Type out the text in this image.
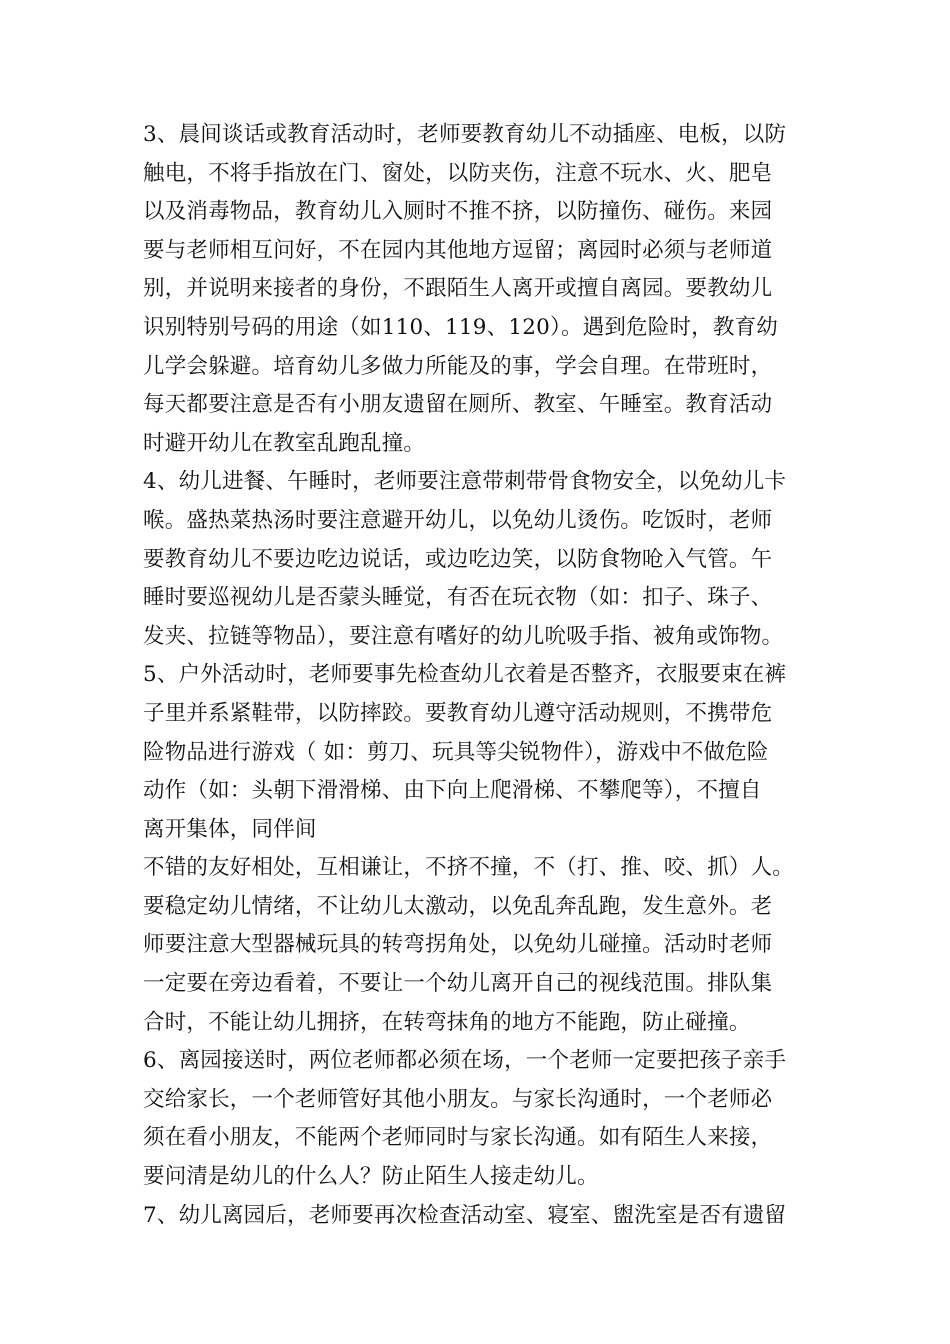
3、晨间谈话或教育活动时，老师要教育幼儿不动插座、电板，以防
触电，不将手指放在门、窗处，以防夹伤，注意不玩水、火、肥皂
以及消毒物品，教育幼儿入厕时不推不挤，以防撞伤、碰伤。来园
要与老师相互问好，不在园内其他地方逗留；离园时必须与老师道
别，并说明来接者的身份，不跟陌生人离开或擅自离园。要教幼儿
识别特别号码的用途（如110、119、120）。遇到危险时，教育幼
儿学会躲避。培育幼儿多做力所能及的事，学会自理。在带班时，
每天都要注意是否有小朋友遗留在厕所、教室、午睡室。教育活动
时避开幼儿在教室乱跑乱撞。
4、幼儿进餐、午睡时，老师要注意带刺带骨食物安全，以免幼儿卡
喉。盛热菜热汤时要注意避开幼儿，以免幼儿烫伤。吃饭时，老师
要教育幼儿不要边吃边说话，或边吃边笑，以防食物呛入气管。午
睡时要巡视幼儿是否蒙头睡觉，有否在玩衣物（如：扣子、珠子、
发夹、拉链等物品），要注意有嗜好的幼儿吮吸手指、被角或饰物。
5、户外活动时，老师要事先检查幼儿衣着是否整齐，衣服要束在裤
子里并系紧鞋带，以防摔跤。要教育幼儿遵守活动规则，不携带危
险物品进行游戏（ 如：剪刀、玩具等尖锐物件），游戏中不做危险
动作（如：头朝下滑滑梯、由下向上爬滑梯、不攀爬等），不擅自
离开集体，同伴间
不错的友好相处，互相谦让，不挤不撞，不（打、推、咬、抓）人。
要稳定幼儿情绪，不让幼儿太激动，以免乱奔乱跑，发生意外。老
师要注意大型器械玩具的转弯拐角处，以免幼儿碰撞。活动时老师
一定要在旁边看着，不要让一个幼儿离开自己的视线范围。排队集
合时，不能让幼儿拥挤，在转弯抹角的地方不能跑，防止碰撞。
6、离园接送时，两位老师都必须在场，一个老师一定要把孩子亲手
交给家长，一个老师管好其他小朋友。与家长沟通时，一个老师必
须在看小朋友，不能两个老师同时与家长沟通。如有陌生人来接，
要问清是幼儿的什么人？防止陌生人接走幼儿。
7、幼儿离园后，老师要再次检查活动室、寝室、盥洗室是否有遗留
